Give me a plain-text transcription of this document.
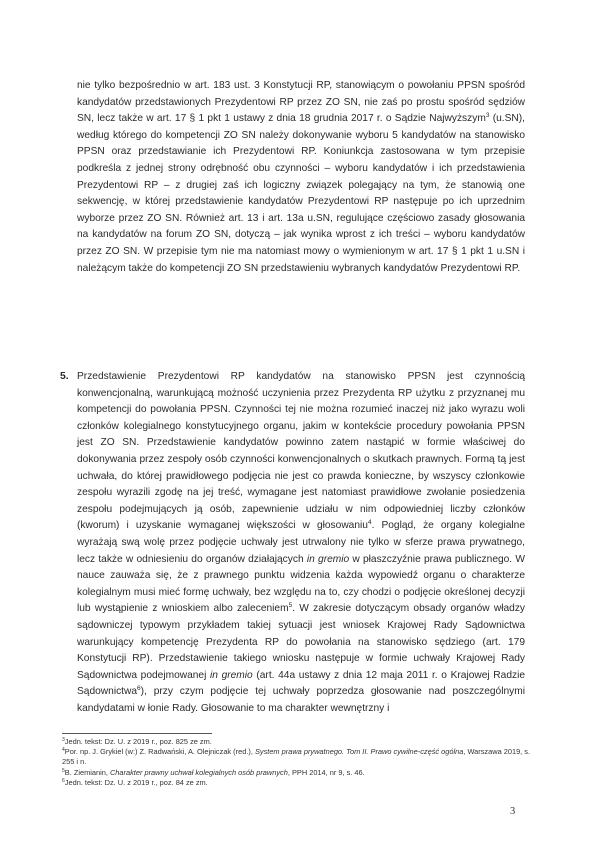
nie tylko bezpośrednio w art. 183 ust. 3 Konstytucji RP, stanowiącym o powołaniu PPSN spośród kandydatów przedstawionych Prezydentowi RP przez ZO SN, nie zaś po prostu spośród sędziów SN, lecz także w art. 17 § 1 pkt 1 ustawy z dnia 18 grudnia 2017 r. o Sądzie Najwyższym$^3$ (u.SN), według którego do kompetencji ZO SN należy dokonywanie wyboru 5 kandydatów na stanowisko PPSN oraz przedstawianie ich Prezydentowi RP. Koniunkcja zastosowana w tym przepisie podkreśla z jednej strony odrębność obu czynności – wyboru kandydatów i ich przedstawienia Prezydentowi RP – z drugiej zaś ich logiczny związek polegający na tym, że stanowią one sekwencję, w której przedstawienie kandydatów Prezydentowi RP następuje po ich uprzednim wyborze przez ZO SN. Również art. 13 i art. 13a u.SN, regulujące częściowo zasady głosowania na kandydatów na forum ZO SN, dotyczą – jak wynika wprost z ich treści – wyboru kandydatów przez ZO SN. W przepisie tym nie ma natomiast mowy o wymienionym w art. 17 § 1 pkt 1 u.SN i należącym także do kompetencji ZO SN przedstawieniu wybranych kandydatów Prezydentowi RP.

5. Przedstawienie Prezydentowi RP kandydatów na stanowisko PPSN jest czynnością konwencjonalną, warunkującą możność uczynienia przez Prezydenta RP użytku z przyznanej mu kompetencji do powołania PPSN. Czynności tej nie można rozumieć inaczej niż jako wyrazu woli członków kolegialnego konstytucyjnego organu, jakim w kontekście procedury powołania PPSN jest ZO SN. Przedstawienie kandydatów powinno zatem nastąpić w formie właściwej do dokonywania przez zespoły osób czynności konwencjonalnych o skutkach prawnych. Formą tą jest uchwała, do której prawidłowego podjęcia nie jest co prawda konieczne, by wszyscy członkowie zespołu wyrazili zgodę na jej treść, wymagane jest natomiast prawidłowe zwołanie posiedzenia zespołu podejmujących ją osób, zapewnienie udziału w nim odpowiedniej liczby członków (kworum) i uzyskanie wymaganej większości w głosowaniu$^4$. Pogląd, że organy kolegialne wyrażają swą wolę przez podjęcie uchwały jest utrwalony nie tylko w sferze prawa prywatnego, lecz także w odniesieniu do organów działających in gremio w płaszczyźnie prawa publicznego. W nauce zauważa się, że z prawnego punktu widzenia każda wypowiedź organu o charakterze kolegialnym musi mieć formę uchwały, bez względu na to, czy chodzi o podjęcie określonej decyzji lub wystąpienie z wnioskiem albo zaleceniem$^5$. W zakresie dotyczącym obsady organów władzy sądowniczej typowym przykładem takiej sytuacji jest wniosek Krajowej Rady Sądownictwa warunkujący kompetencję Prezydenta RP do powołania na stanowisko sędziego (art. 179 Konstytucji RP). Przedstawienie takiego wniosku następuje w formie uchwały Krajowej Rady Sądownictwa podejmowanej in gremio (art. 44a ustawy z dnia 12 maja 2011 r. o Krajowej Radzie Sądownictwa$^6$), przy czym podjęcie tej uchwały poprzedza głosowanie nad poszczególnymi kandydatami w łonie Rady. Głosowanie to ma charakter wewnętrzny i

$^3$Jedn. tekst: Dz. U. z 2019 r., poz. 825 ze zm.
$^4$Por. np. J. Grykiel (w:) Z. Radwański, A. Olejniczak (red.), System prawa prywatnego. Tom II. Prawo cywilne-część ogólna, Warszawa 2019, s. 255 i n.
$^5$B. Ziemianin, Charakter prawny uchwał kolegialnych osób prawnych, PPH 2014, nr 9, s. 46.
$^6$Jedn. tekst: Dz. U. z 2019 r., poz. 84 ze zm.
3
